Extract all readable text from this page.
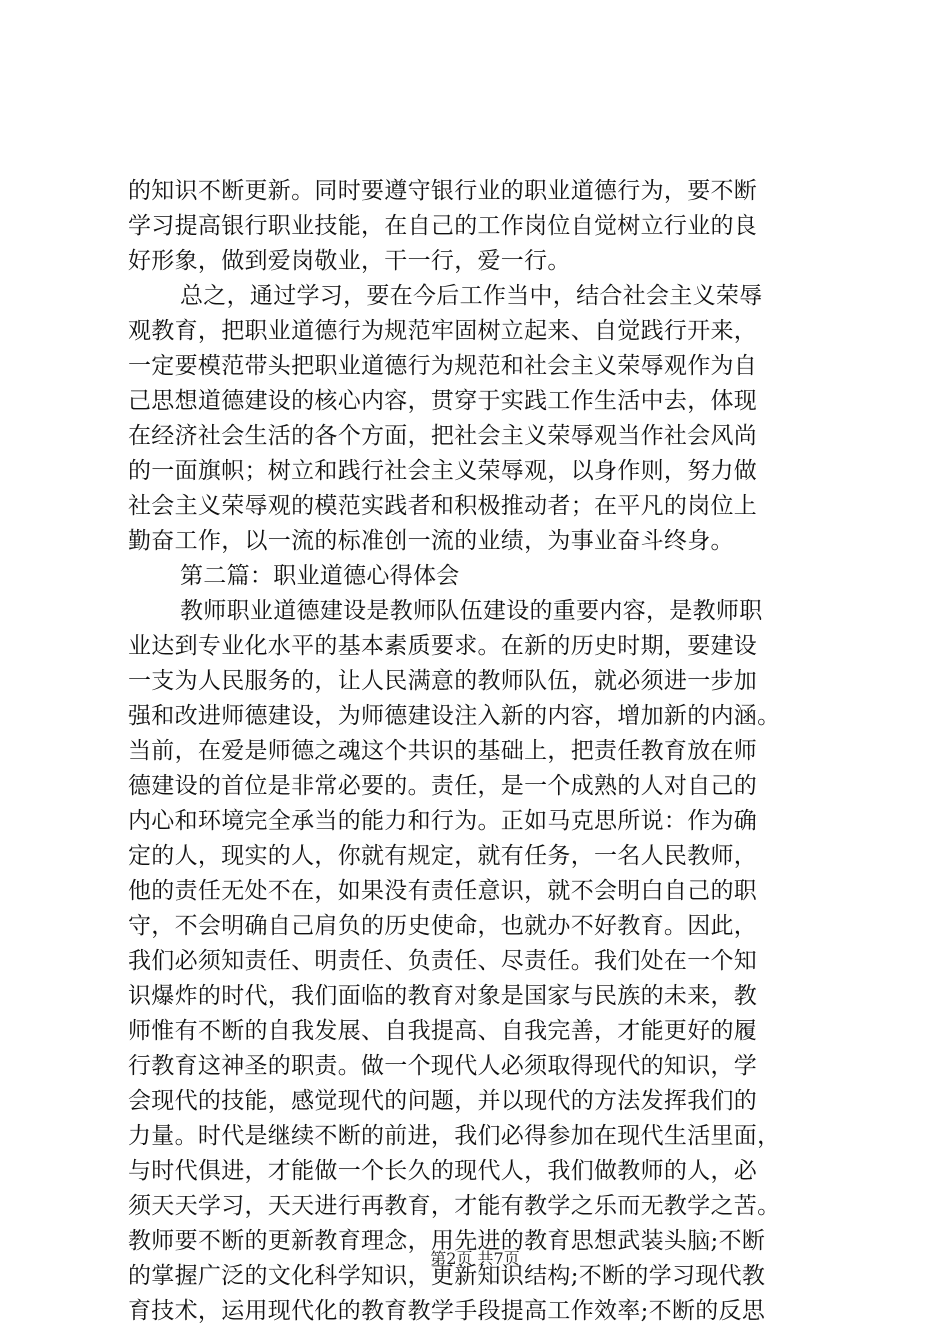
的知识不断更新。同时要遵守银行业的职业道德行为，要不断
学习提高银行职业技能，在自己的工作岗位自觉树立行业的良
好形象，做到爱岗敬业，干一行，爱一行。
总之，通过学习，要在今后工作当中，结合社会主义荣辱
观教育，把职业道德行为规范牢固树立起来、自觉践行开来，
一定要模范带头把职业道德行为规范和社会主义荣辱观作为自
己思想道德建设的核心内容，贯穿于实践工作生活中去，体现
在经济社会生活的各个方面，把社会主义荣辱观当作社会风尚
的一面旗帜；树立和践行社会主义荣辱观，以身作则，努力做
社会主义荣辱观的模范实践者和积极推动者；在平凡的岗位上
勤奋工作，以一流的标准创一流的业绩，为事业奋斗终身。
第二篇：职业道德心得体会
教师职业道德建设是教师队伍建设的重要内容，是教师职
业达到专业化水平的基本素质要求。在新的历史时期，要建设
一支为人民服务的，让人民满意的教师队伍，就必须进一步加
强和改进师德建设，为师德建设注入新的内容，增加新的内涵。
当前，在爱是师德之魂这个共识的基础上，把责任教育放在师
德建设的首位是非常必要的。责任，是一个成熟的人对自己的
内心和环境完全承当的能力和行为。正如马克思所说：作为确
定的人，现实的人，你就有规定，就有任务，一名人民教师，
他的责任无处不在，如果没有责任意识，就不会明白自己的职
守，不会明确自己肩负的历史使命，也就办不好教育。因此，
我们必须知责任、明责任、负责任、尽责任。我们处在一个知
识爆炸的时代，我们面临的教育对象是国家与民族的未来，教
师惟有不断的自我发展、自我提高、自我完善，才能更好的履
行教育这神圣的职责。做一个现代人必须取得现代的知识，学
会现代的技能，感觉现代的问题，并以现代的方法发挥我们的
力量。时代是继续不断的前进，我们必得参加在现代生活里面，
与时代俱进，才能做一个长久的现代人，我们做教师的人，必
须天天学习，天天进行再教育，才能有教学之乐而无教学之苦。
教师要不断的更新教育理念，用先进的教育思想武装头脑;不断
的掌握广泛的文化科学知识，更新知识结构;不断的学习现代教
育技术，运用现代化的教育教学手段提高工作效率;不断的反思
第2页 共7页
